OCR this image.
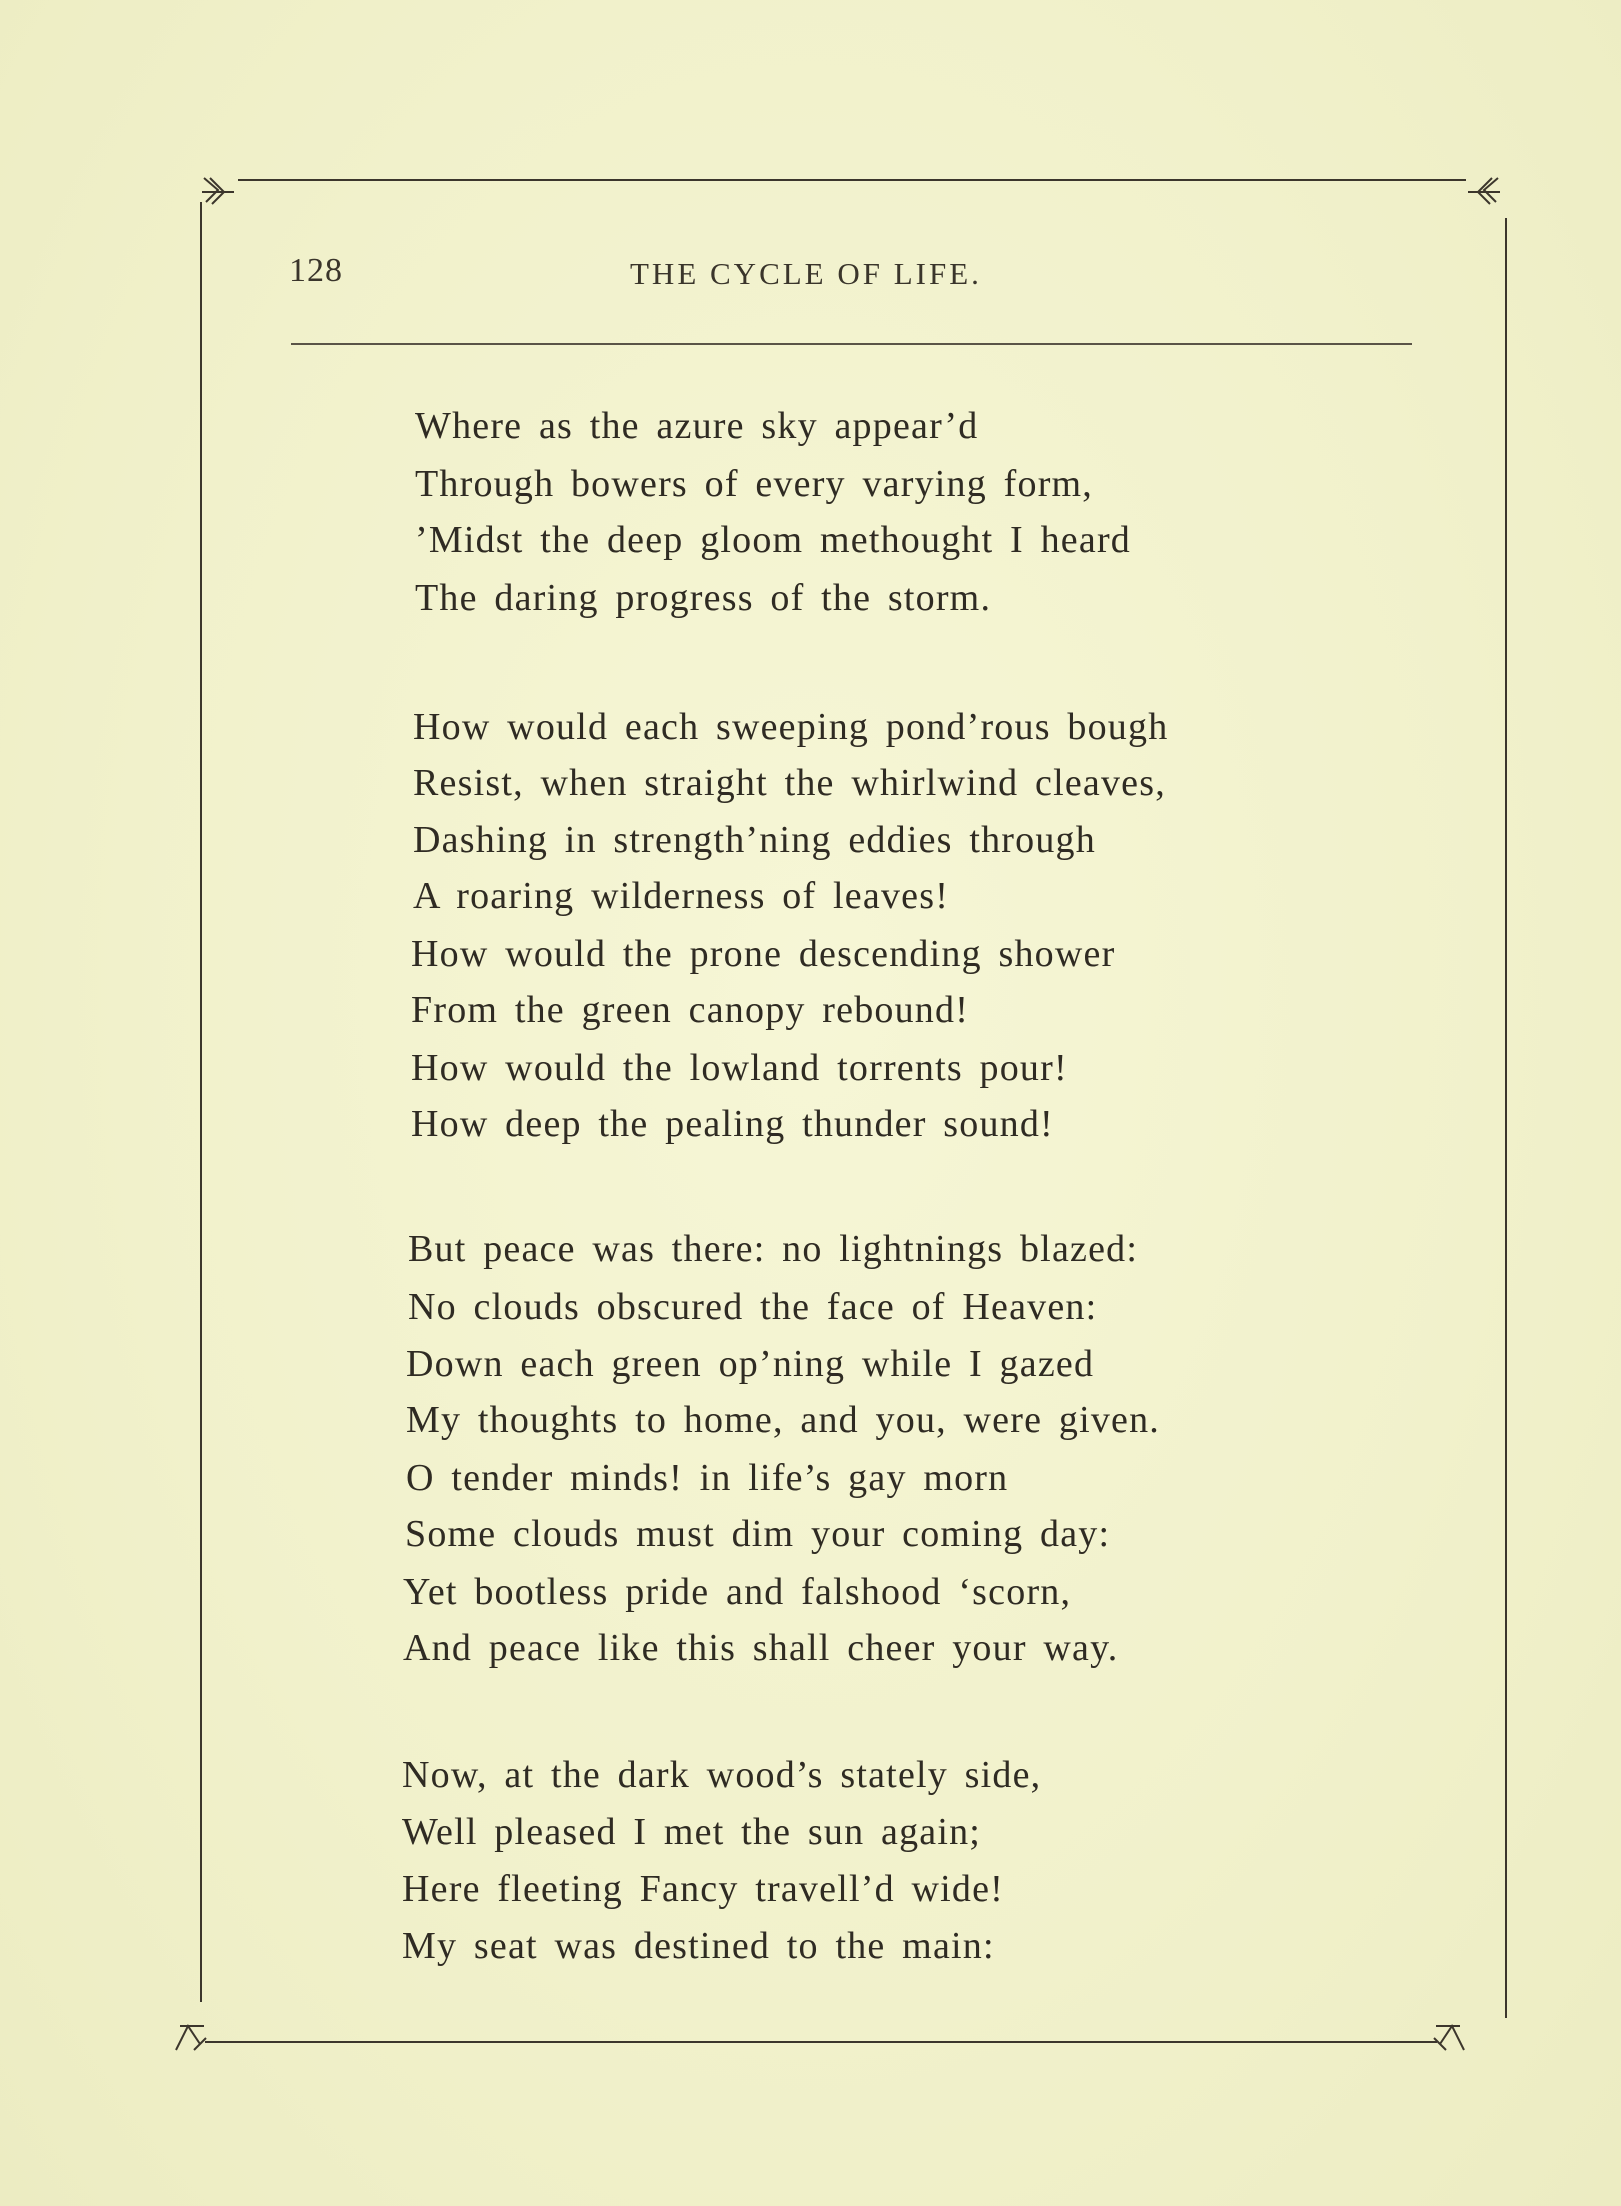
128	THE CYCLE OF LIFE.
Where as the azure sky appear’d
Through bowers of every varying form,
’Midst the deep gloom methought I heard
The daring progress of the storm.
How would each sweeping pond’rous bough
Resist, when straight the whirlwind cleaves,
Dashing in strength’ning eddies through
A roaring wilderness of leaves!
How would the prone descending shower
From the green canopy rebound!
How would the lowland torrents pour!
How deep the pealing thunder sound!
But peace was there: no lightnings blazed:
No clouds obscured the face of Heaven:
Down each green op’ning while I gazed
My thoughts to home, and you, were given.
O tender minds! in life’s gay morn
Some clouds must dim your coming day:
Yet bootless pride and falshood ‘scorn,
And peace like this shall cheer your way.
Now, at the dark wood’s stately side,
Well pleased I met the sun again;
Here fleeting Fancy travell’d wide!
My seat was destined to the main:
